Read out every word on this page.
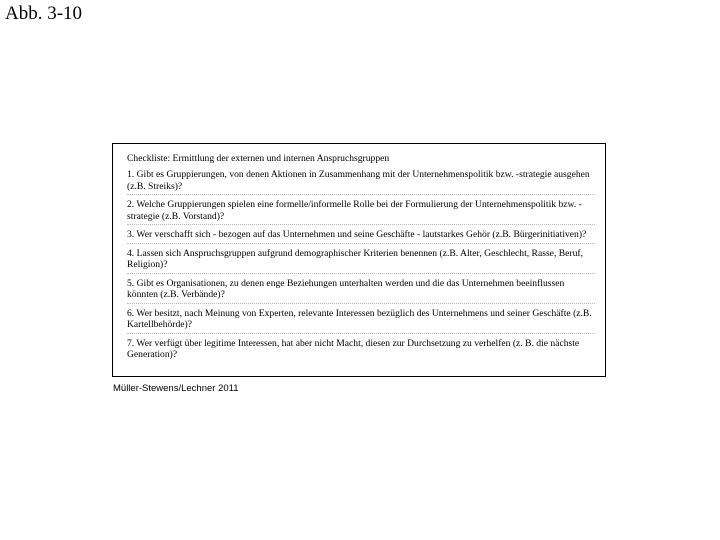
Abb. 3-10
Checkliste: Ermittlung der externen und internen Anspruchsgruppen
1. Gibt es Gruppierungen, von denen Aktionen in Zusammenhang mit der Unternehmenspolitik bzw. -strategie ausgehen (z.B. Streiks)?
2. Welche Gruppierungen spielen eine formelle/informelle Rolle bei der Formulierung der Unternehmenspolitik bzw. -strategie (z.B. Vorstand)?
3. Wer verschafft sich - bezogen auf das Unternehmen und seine Geschäfte - lautstarkes Gehör (z.B. Bürgerinitiativen)?
4. Lassen sich Anspruchsgruppen aufgrund demographischer Kriterien benennen (z.B. Alter, Geschlecht, Rasse, Beruf, Religion)?
5. Gibt es Organisationen, zu denen enge Beziehungen unterhalten werden und die das Unternehmen beeinflussen könnten (z.B. Verbände)?
6. Wer besitzt, nach Meinung von Experten, relevante Interessen bezüglich des Unternehmens und seiner Geschäfte (z.B. Kartellbehörde)?
7. Wer verfügt über legitime Interessen, hat aber nicht Macht, diesen zur Durchsetzung zu verhelfen (z. B. die nächste Generation)?
Müller-Stewens/Lechner 2011
